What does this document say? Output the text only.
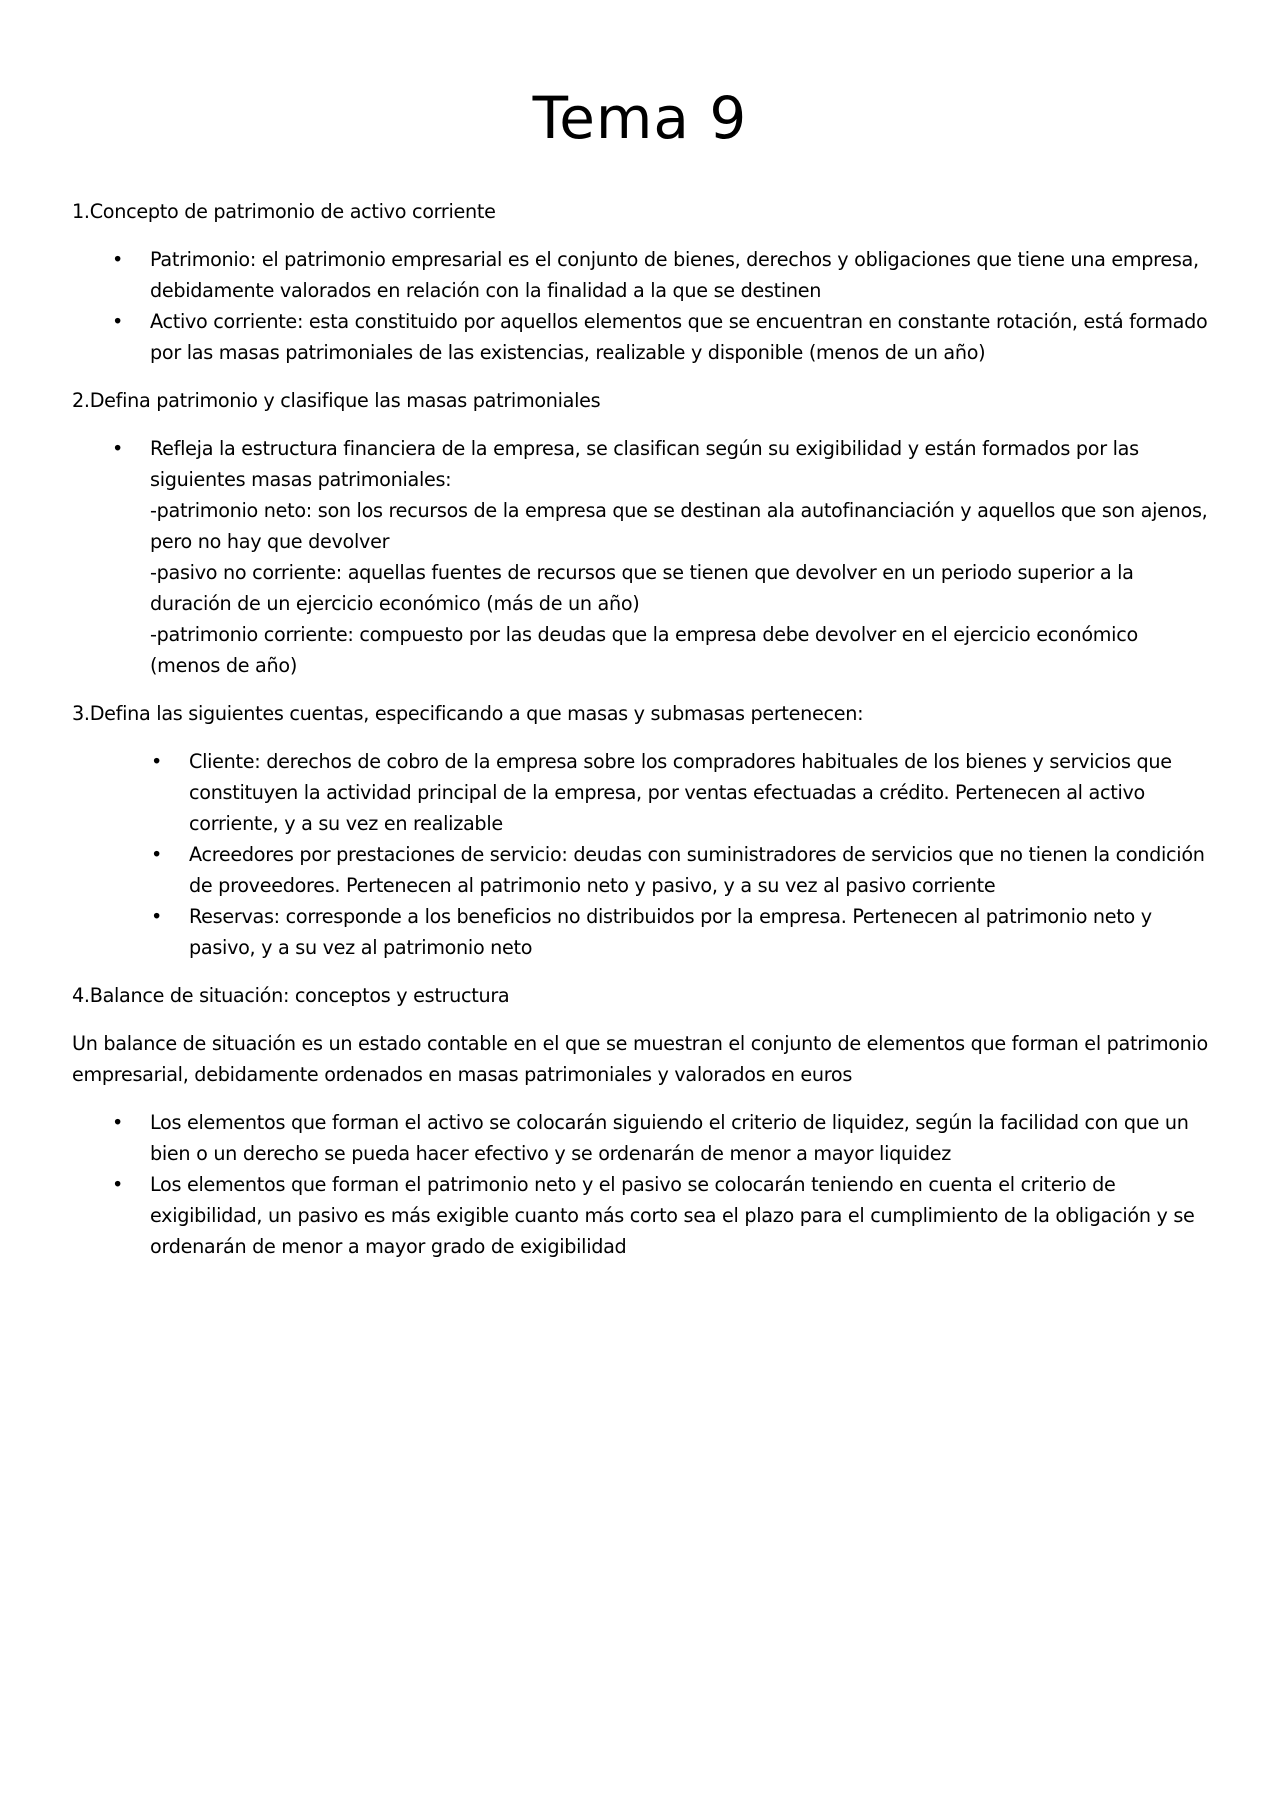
Tema 9

1.Concepto de patrimonio de activo corriente

•	Patrimonio: el patrimonio empresarial es el conjunto de bienes, derechos y obligaciones que tiene una empresa, debidamente valorados en relación con la finalidad a la que se destinen
•	Activo corriente: esta constituido por aquellos elementos que se encuentran en constante rotación, está formado por las masas patrimoniales de las existencias, realizable y disponible (menos de un año)

2.Defina patrimonio y clasifique las masas patrimoniales

•	Refleja la estructura financiera de la empresa, se clasifican según su exigibilidad y están formados por las siguientes masas patrimoniales:
-patrimonio neto: son los recursos de la empresa que se destinan ala autofinanciación y aquellos que son ajenos, pero no hay que devolver
-pasivo no corriente: aquellas fuentes de recursos que se tienen que devolver en un periodo superior a la duración de un ejercicio económico (más de un año)
-patrimonio corriente: compuesto por las deudas que la empresa debe devolver en el ejercicio económico (menos de año)

3.Defina las siguientes cuentas, especificando a que masas y submasas pertenecen:

•	Cliente: derechos de cobro de la empresa sobre los compradores habituales de los bienes y servicios que constituyen la actividad principal de la empresa, por ventas efectuadas a crédito. Pertenecen al activo corriente, y a su vez en realizable
•	Acreedores por prestaciones de servicio: deudas con suministradores de servicios que no tienen la condición de proveedores. Pertenecen al patrimonio neto y pasivo, y a su vez al pasivo corriente
•	Reservas: corresponde a los beneficios no distribuidos por la empresa. Pertenecen al patrimonio neto y pasivo, y a su vez al patrimonio neto

4.Balance de situación: conceptos y estructura

Un balance de situación es un estado contable en el que se muestran el conjunto de elementos que forman el patrimonio empresarial, debidamente ordenados en masas patrimoniales y valorados en euros

•	Los elementos que forman el activo se colocarán siguiendo el criterio de liquidez, según la facilidad con que un bien o un derecho se pueda hacer efectivo y se ordenarán de menor a mayor liquidez
•	Los elementos que forman el patrimonio neto y el pasivo se colocarán teniendo en cuenta el criterio de exigibilidad, un pasivo es más exigible cuanto más corto sea el plazo para el cumplimiento de la obligación y se ordenarán de menor a mayor grado de exigibilidad
